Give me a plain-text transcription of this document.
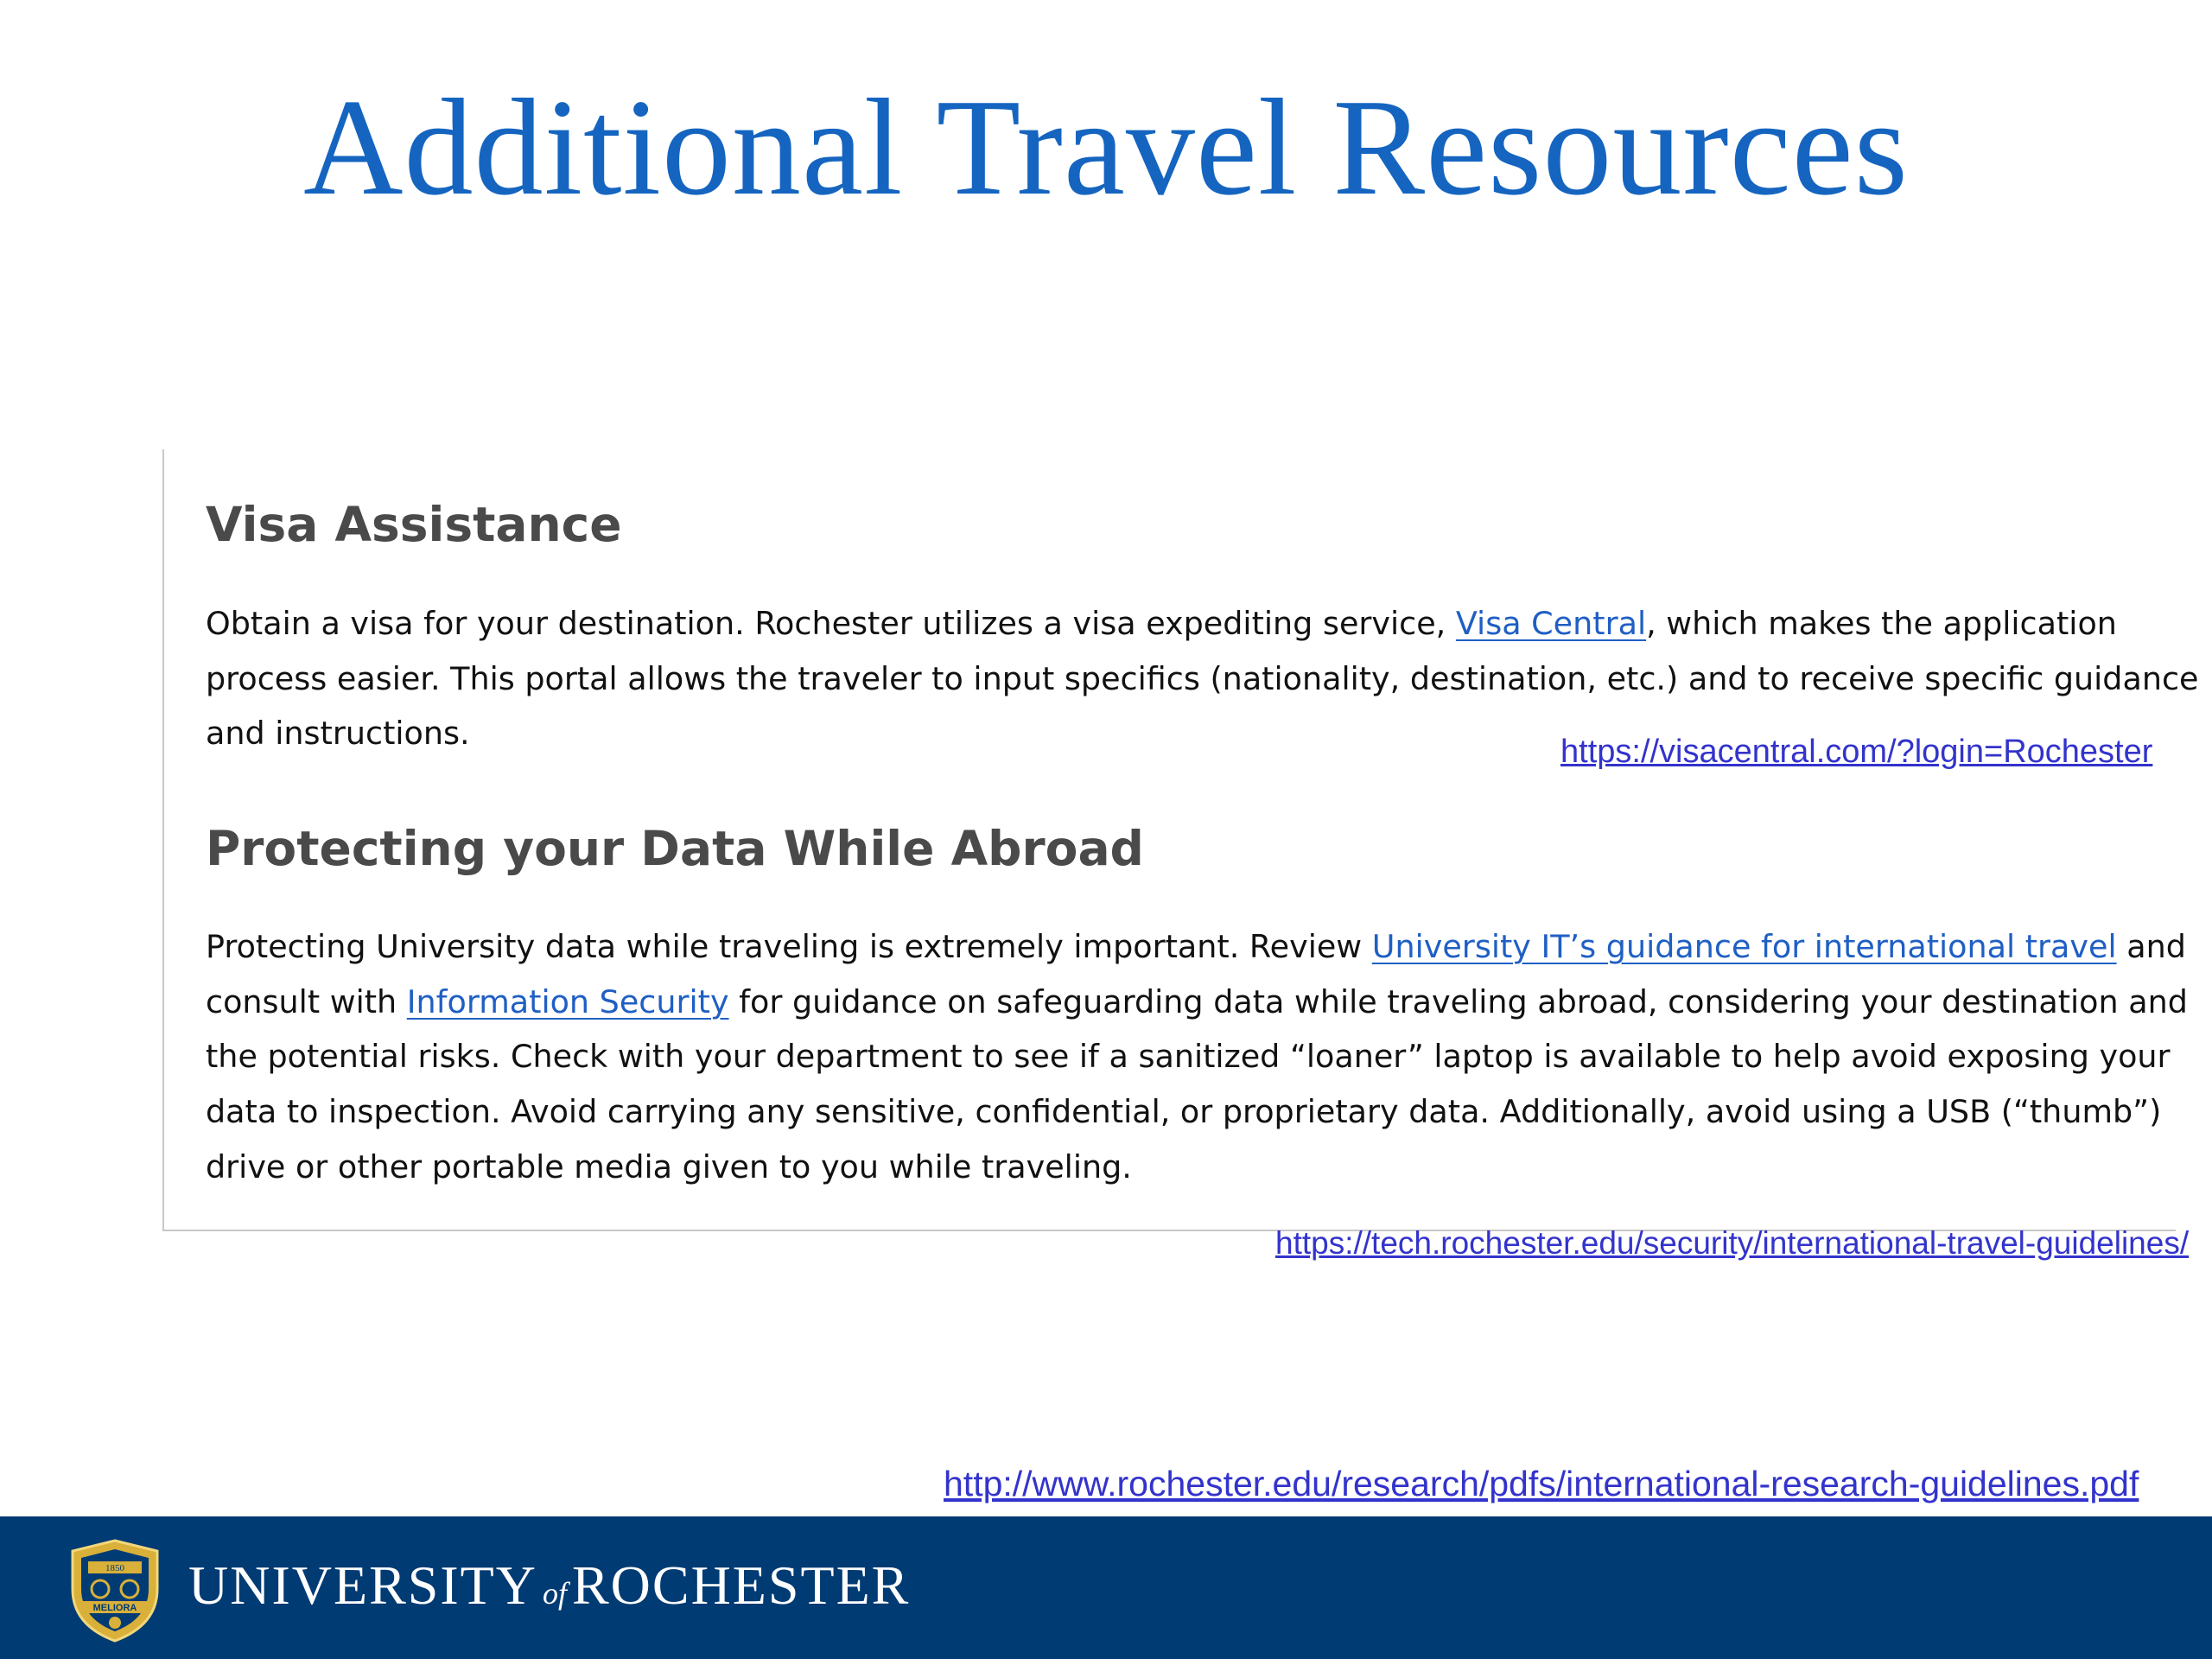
Additional Travel Resources
Visa Assistance

Obtain a visa for your destination. Rochester utilizes a visa expediting service, Visa Central, which makes the application process easier. This portal allows the traveler to input specifics (nationality, destination, etc.) and to receive specific guidance and instructions.

Protecting your Data While Abroad

Protecting University data while traveling is extremely important. Review University IT’s guidance for international travel and consult with Information Security for guidance on safeguarding data while traveling abroad, considering your destination and the potential risks. Check with your department to see if a sanitized “loaner” laptop is available to help avoid exposing your data to inspection. Avoid carrying any sensitive, confidential, or proprietary data. Additionally, avoid using a USB (“thumb”) drive or other portable media given to you while traveling.

https://visacentral.com/?login=Rochester
https://tech.rochester.edu/security/international-travel-guidelines/
http://www.rochester.edu/research/pdfs/international-research-guidelines.pdf
1850
MELIORA UNIVERSITY ofROCHESTER
